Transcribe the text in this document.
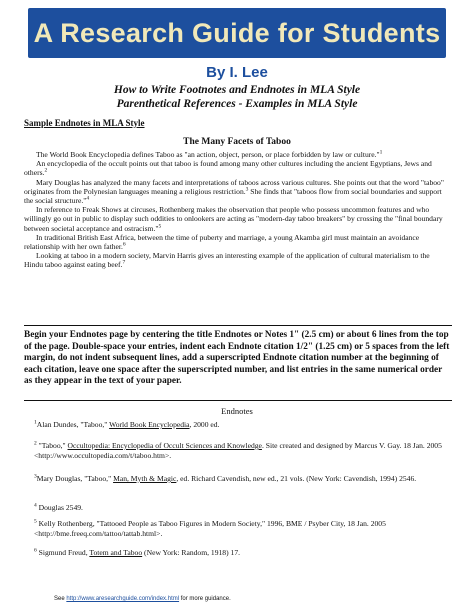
A Research Guide for Students
By I. Lee
How to Write Footnotes and Endnotes in MLA Style
Parenthetical References - Examples in MLA Style
Sample Endnotes in MLA Style
The Many Facets of Taboo

The World Book Encyclopedia defines Taboo as "an action, object, person, or place forbidden by law or culture."$^1$

An encyclopedia of the occult points out that taboo is found among many other cultures including the ancient Egyptians, Jews and others.$^2$

Mary Douglas has analyzed the many facets and interpretations of taboos across various cultures. She points out that the word "taboo" originates from the Polynesian languages meaning a religious restriction.$^3$ She finds that "taboos flow from social boundaries and support the social structure."$^4$

In reference to Freak Shows at circuses, Rothenberg makes the observation that people who possess uncommon features and who willingly go out in public to display such oddities to onlookers are acting as "modern-day taboo breakers" by crossing the "final boundary between societal acceptance and ostracism."$^5$

In traditional British East Africa, between the time of puberty and marriage, a young Akamba girl must maintain an avoidance relationship with her own father.$^6$

Looking at taboo in a modern society, Marvin Harris gives an interesting example of the application of cultural materialism to the Hindu taboo against eating beef.$^7$

Begin your Endnotes page by centering the title Endnotes or Notes 1" (2.5 cm) or about 6 lines from the top of the page. Double-space your entries, indent each Endnote citation 1/2" (1.25 cm) or 5 spaces from the left margin, do not indent subsequent lines, add a superscripted Endnote citation number at the beginning of each citation, leave one space after the superscripted number, and list entries in the same numerical order as they appear in the text of your paper.
Endnotes
$^1$Alan Dundes, "Taboo," World Book Encyclopedia, 2000 ed.
$^2$ "Taboo," Occultopedia: Encyclopedia of Occult Sciences and Knowledge. Site created and designed by Marcus V. Gay. 18 Jan. 2005 <http://www.occultopedia.com/t/taboo.htm>.
$^3$Mary Douglas, "Taboo," Man, Myth & Magic, ed. Richard Cavendish, new ed., 21 vols. (New York: Cavendish, 1994) 2546.
$^4$ Douglas 2549.
$^5$ Kelly Rothenberg, "Tattooed People as Taboo Figures in Modern Society," 1996, BME / Psyber City, 18 Jan. 2005 <http://bme.freeq.com/tattoo/tattab.html>.
$^6$ Sigmund Freud, Totem and Taboo (New York: Random, 1918) 17.
See http://www.aresearchguide.com/index.html for more guidance.
